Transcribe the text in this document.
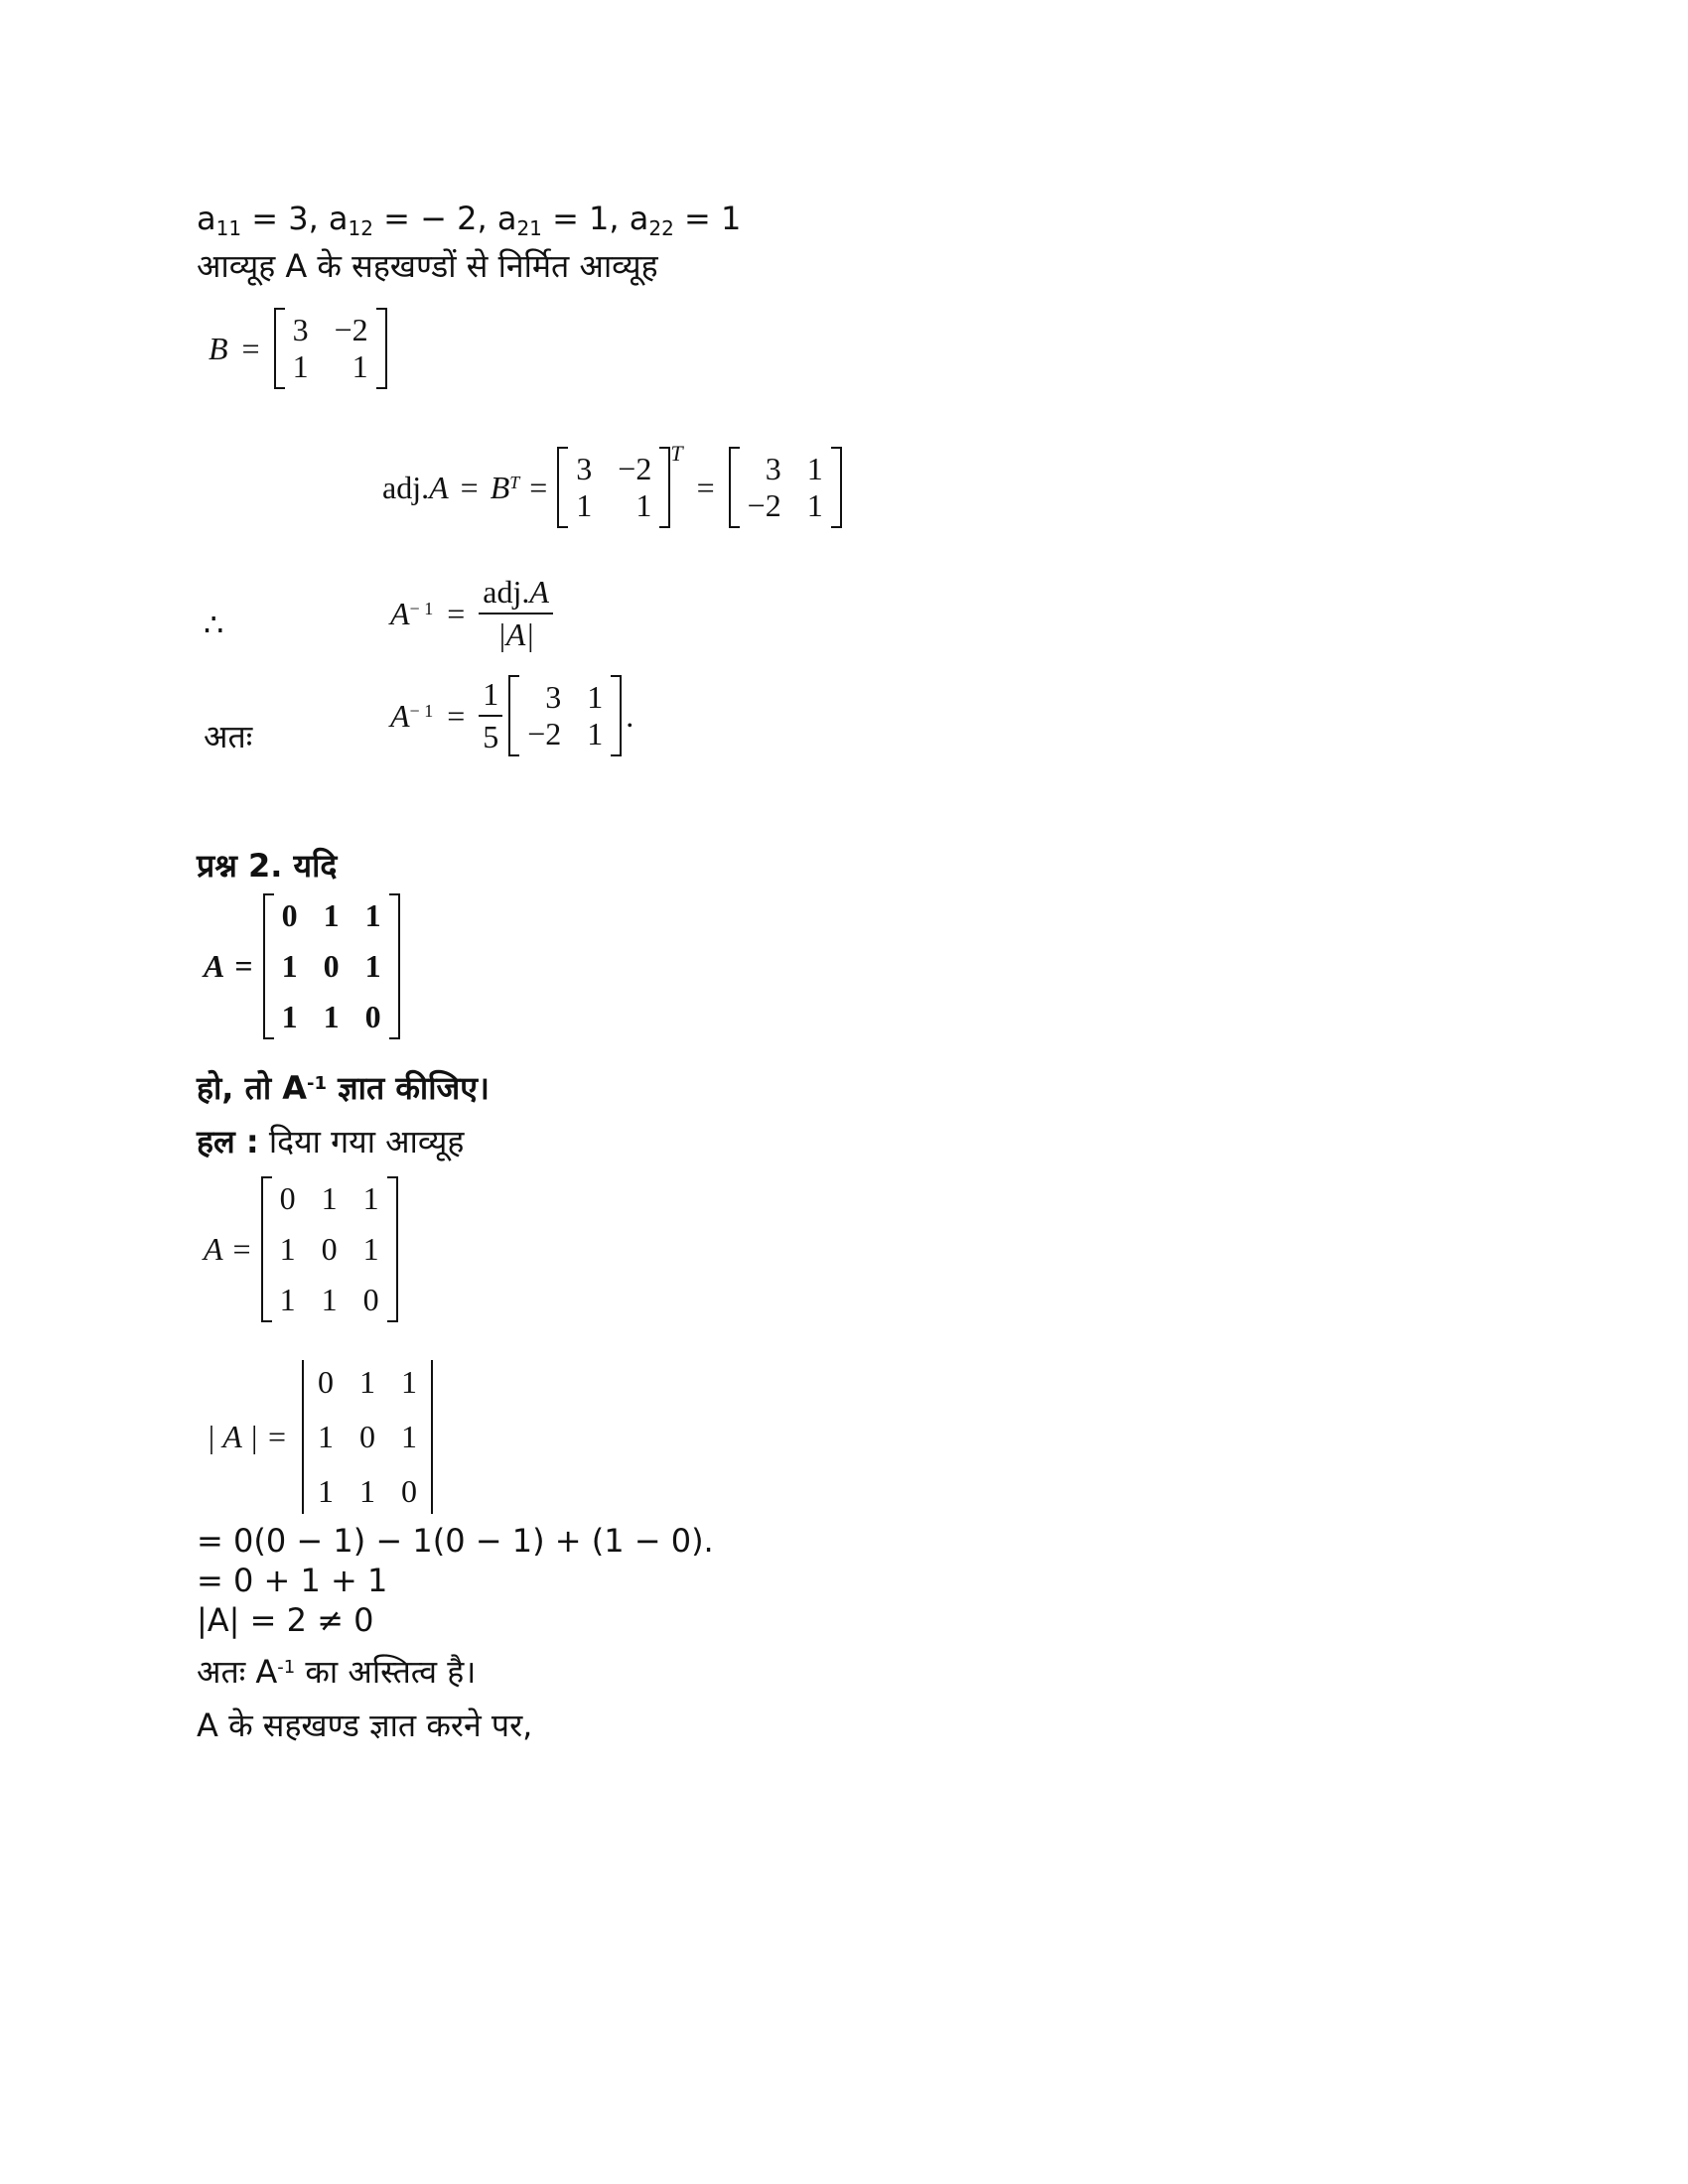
$a_{11} = 3$, $a_{12}$ = − 2, $a_{21} = 1$, $a_{22} = 1$
आव्यूह A के सहखण्डों से निर्मित आव्यूह
B =
3 −2
1	1
adj. $A = B^T$ =
3 −2
1	1
$^T$
=
3 1
−2 1
∴	$A^{- 1} = \frac{\text{adj.A}}{|A|}$
अतः
$A^{- 1} = \frac{1}{5}$	3 1
−2 1
.
प्रश्न 2. यदि
A =
0 1 1
1 0 1
1 1 0
हो, तो $A^{-1}$ ज्ञात कीजिए।
हल : दिया गया आव्यूह
A =
0 1 1
1 0 1
1 1 0
| A | =
0 1 1
1 0 1
1 1 0
= 0(0 − 1) − 1(0 − 1) + (1 − 0).
= 0 + 1 + 1
|A| = 2 ≠ 0
अतः $A^{-1}$ का अस्तित्व है।
A के सहखण्ड ज्ञात करने पर,
